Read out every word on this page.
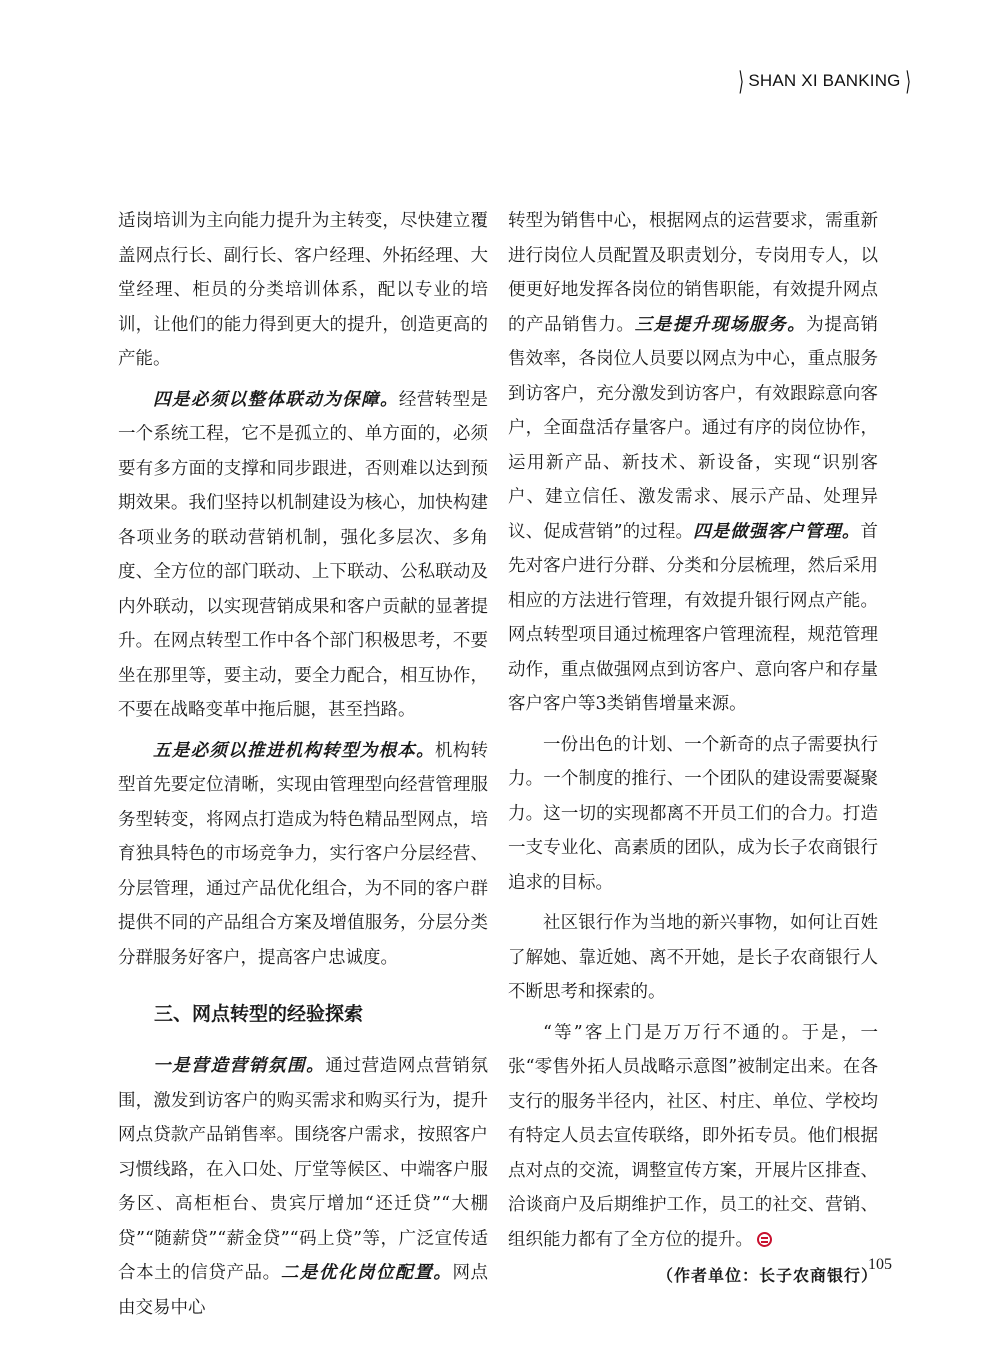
⟩ SHAN XI BANKING ⟩

适岗培训为主向能力提升为主转变，尽快建立覆盖网点行长、副行长、客户经理、外拓经理、大堂经理、柜员的分类培训体系，配以专业的培训，让他们的能力得到更大的提升，创造更高的产能。

四是必须以整体联动为保障。经营转型是一个系统工程，它不是孤立的、单方面的，必须要有多方面的支撑和同步跟进，否则难以达到预期效果。我们坚持以机制建设为核心，加快构建各项业务的联动营销机制，强化多层次、多角度、全方位的部门联动、上下联动、公私联动及内外联动，以实现营销成果和客户贡献的显著提升。在网点转型工作中各个部门积极思考，不要坐在那里等，要主动，要全力配合，相互协作，不要在战略变革中拖后腿，甚至挡路。

五是必须以推进机构转型为根本。机构转型首先要定位清晰，实现由管理型向经营管理服务型转变，将网点打造成为特色精品型网点，培育独具特色的市场竞争力，实行客户分层经营、分层管理，通过产品优化组合，为不同的客户群提供不同的产品组合方案及增值服务，分层分类分群服务好客户，提高客户忠诚度。

三、网点转型的经验探索

一是营造营销氛围。通过营造网点营销氛围，激发到访客户的购买需求和购买行为，提升网点贷款产品销售率。围绕客户需求，按照客户习惯线路，在入口处、厅堂等候区、中端客户服务区、高柜柜台、贵宾厅增加“还迁贷”“大棚贷”“随薪贷”“薪金贷”“码上贷”等，广泛宣传适合本土的信贷产品。二是优化岗位配置。网点由交易中心

转型为销售中心，根据网点的运营要求，需重新进行岗位人员配置及职责划分，专岗用专人，以便更好地发挥各岗位的销售职能，有效提升网点的产品销售力。三是提升现场服务。为提高销售效率，各岗位人员要以网点为中心，重点服务到访客户，充分激发到访客户，有效跟踪意向客户，全面盘活存量客户。通过有序的岗位协作，运用新产品、新技术、新设备，实现“识别客户、建立信任、激发需求、展示产品、处理异议、促成营销”的过程。四是做强客户管理。首先对客户进行分群、分类和分层梳理，然后采用相应的方法进行管理，有效提升银行网点产能。网点转型项目通过梳理客户管理流程，规范管理动作，重点做强网点到访客户、意向客户和存量客户客户等3类销售增量来源。

一份出色的计划、一个新奇的点子需要执行力。一个制度的推行、一个团队的建设需要凝聚力。这一切的实现都离不开员工们的合力。打造一支专业化、高素质的团队，成为长子农商银行追求的目标。

社区银行作为当地的新兴事物，如何让百姓了解她、靠近她、离不开她，是长子农商银行人不断思考和探索的。

“等”客上门是万万行不通的。于是，一张“零售外拓人员战略示意图”被制定出来。在各支行的服务半径内，社区、村庄、单位、学校均有特定人员去宣传联络，即外拓专员。他们根据点对点的交流，调整宣传方案，开展片区排查、洽谈商户及后期维护工作，员工的社交、营销、组织能力都有了全方位的提升。

（作者单位：长子农商银行）

105
